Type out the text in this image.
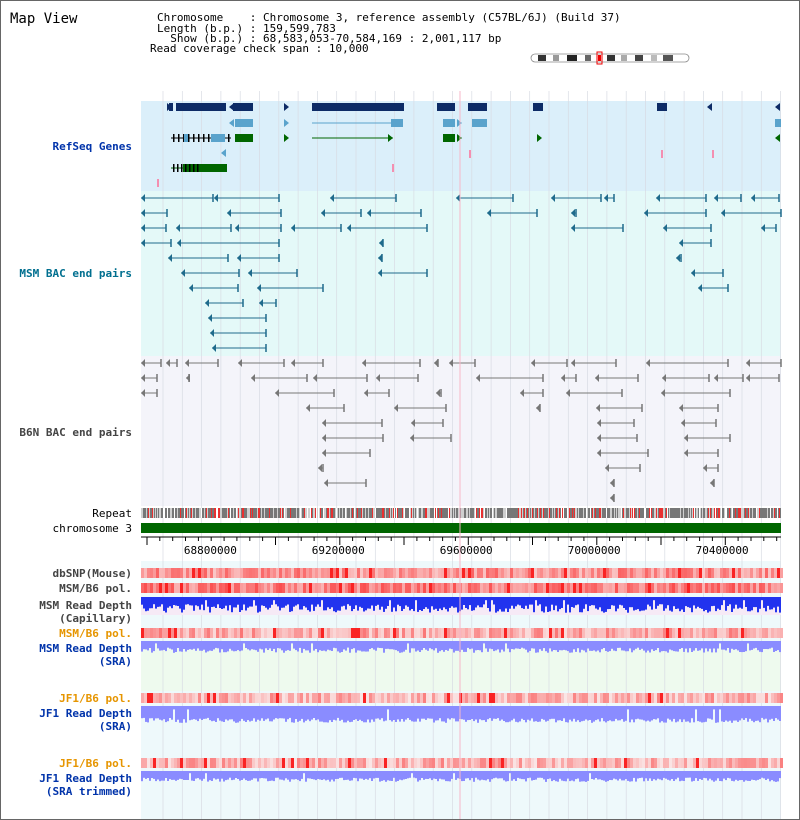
Map View	Chromosome    : Chromosome 3, reference assembly (C57BL/6J) (Build 37)
Length (b.p.) : 159,599,783
Show (b.p.) : 68,583,053-70,584,169 : 2,001,117 bp
Read coverage check span : 10,000
RefSeq Genes
MSM BAC end pairs
B6N BAC end pairs
Repeat
chromosome 3
dbSNP(Mouse)
MSM/B6 pol.
MSM Read Depth
(Capillary)
MSM/B6 pol.
MSM Read Depth
(SRA)
JF1/B6 pol.
JF1 Read Depth
(SRA)
JF1/B6 pol.
JF1 Read Depth
(SRA trimmed)
68800000	69200000	69600000	70000000	70400000
